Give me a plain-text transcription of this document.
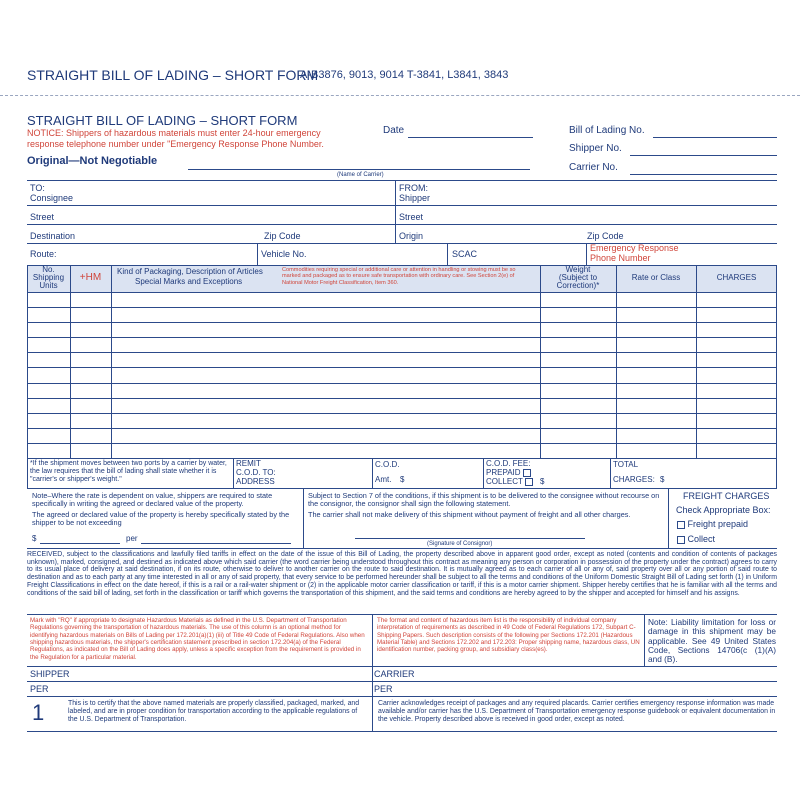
STRAIGHT BILL OF LADING – SHORT FORM
A-B3876, 9013, 9014 T-3841, L3841, 3843
STRAIGHT BILL OF LADING – SHORT FORM
NOTICE: Shippers of hazardous materials must enter 24-hour emergency
response telephone number under "Emergency Response Phone Number.
Original—Not Negotiable
Date	Bill of Lading No.
Shipper No.
Carrier No.
(Name of Carrier)
TO:
Consignee
FROM:
Shipper
Street	Street
Destination	Zip Code	Origin	Zip Code
Route:	Vehicle No.	SCAC
Emergency Response
Phone Number
No.
Shipping
Units
+HM
Kind of Packaging, Description of Articles
Special Marks and Exceptions
Commodities requiring special or additional care or attention in handling or stowing must be so marked and packaged as to ensure safe transportation with ordinary care. See Section 2(e) of National Motor Freight Classification, Item 360.
Weight
(Subject to
Correction)*
Rate or Class	CHARGES
*If the shipment moves between two ports by a carrier by water, the law requires that the bill of lading shall state whether it is "carrier's or shipper's weight."
REMIT
C.O.D. TO:
ADDRESS
C.O.D.
Amt. $
C.O.D. FEE:
PREPAID
COLLECT	$
TOTAL
CHARGES: $
Note–Where the rate is dependent on value, shippers are required to state specifically in writing the agreed or declared value of the property.
The agreed or declared value of the property is hereby specifically stated by the shipper to be not exceeding
$	per
Subject to Section 7 of the conditions, if this shipment is to be delivered to the consignee without recourse on the consignor, the consignor shall sign the following statement.
The carrier shall not make delivery of this shipment without payment of freight and all other charges.
(Signature of Consignor)
FREIGHT CHARGES
Check Appropriate Box:
Freight prepaid
Collect
RECEIVED, subject to the classifications and lawfully filed tariffs in effect on the date of the issue of this Bill of Lading, the property described above in apparent good order, except as noted (contents and condition of contents of packages unknown), marked, consigned, and destined as indicated above which said carrier (the word carrier being understood throughout this contract as meaning any person or corporation in possession of the property under the contract) agrees to carry to its usual place of delivery at said destination, if on its route, otherwise to deliver to another carrier on the route to said destination. It is mutually agreed as to each carrier of all or any of, said property over all or any portion of said route to destination and as to each party at any time interested in all or any of said property, that every service to be performed hereunder shall be subject to all the terms and conditions of the Uniform Domestic Straight Bill of Lading set forth (1) in Uniform Freight Classifications in effect on the date hereof, if this is a rail or a rail-water shipment or (2) in the applicable motor carrier classification or tariff, if this is a motor carrier shipment. Shipper hereby certifies that he is familiar with all the terms and conditions of the said bill of lading, set forth in the classification or tariff which governs the transportation of this shipment, and the said terms and conditions are hereby agreed to by the shipper and accepted for himself and his assigns.
Mark with "RQ" if appropriate to designate Hazardous Materials as defined in the U.S. Department of Transportation Regulations governing the transportation of hazardous materials. The use of this column is an optional method for identifying hazardous materials on Bills of Lading per 172.201(a)(1) (iii) of Title 49 Code of Federal Regulations. Also when shipping hazardous materials, the shipper's certification statement prescribed in section 172.204(a) of the Federal Regulations, as indicated on the Bill of Lading does apply, unless a specific exception from the requirement is provided in the Regulation for a particular material.
The format and content of hazardous item list is the responsibility of individual company interpretation of requirements as described in 49 Code of Federal Regulations 172, Subpart C-Shipping Papers. Such description consists of the following per Sections 172.201 (Hazardous Material Table) and Sections 172.202 and 172.203: Proper shipping name, hazardous class, UN identification number, packing group, and subsidiary class(es).
Note: Liability limitation for loss or damage in this shipment may be applicable. See 49 United States Code, Sections 14706(c (1)(A) and (B).
SHIPPER	CARRIER
PER	PER
1	This is to certify that the above named materials are properly classified, packaged, marked, and labeled, and are in proper condition for transportation according to the applicable regulations of the U.S. Department of Transportation.
Carrier acknowledges receipt of packages and any required placards. Carrier certifies emergency response information was made available and/or carrier has the U.S. Department of Transportation emergency response guidebook or equivalent documentation in the vehicle. Property described above is received in good order, except as noted.
